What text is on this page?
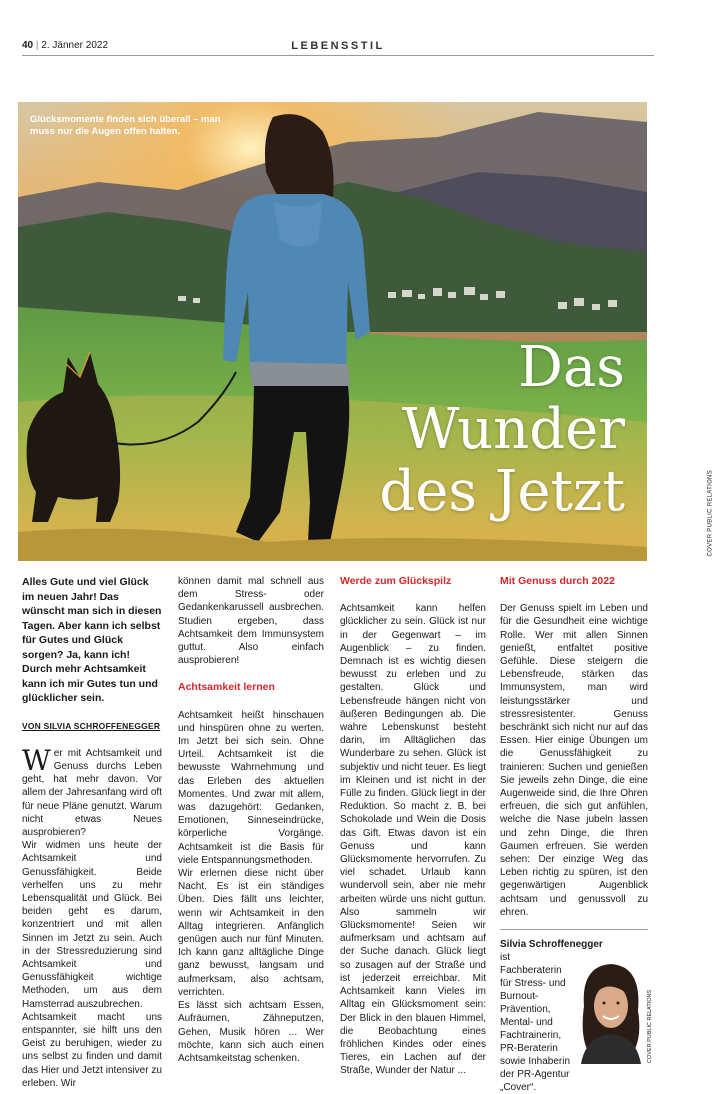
40 | 2. Jänner 2022	LEBENSSTIL
Glücksmomente finden sich überall – man muss nur die Augen offen halten.
Das
Wunder
des Jetzt	COVER PUBLIC RELATIONS

Alles Gute und viel Glück im neuen Jahr! Das wünscht man sich in diesen Tagen. Aber kann ich selbst für Gutes und Glück sorgen? Ja, kann ich! Durch mehr Achtsamkeit kann ich mir Gutes tun und glücklicher sein.

VON SILVIA SCHROFFENEGGER

Wer mit Achtsamkeit und Genuss durchs Leben geht, hat mehr davon. Vor allem der Jahresanfang wird oft für neue Pläne genutzt. Warum nicht etwas Neues ausprobieren?

Wir widmen uns heute der Achtsamkeit und Genussfähigkeit. Beide verhelfen uns zu mehr Lebensqualität und Glück. Bei beiden geht es darum, konzentriert und mit allen Sinnen im Jetzt zu sein. Auch in der Stressreduzierung sind Achtsamkeit und Genussfähigkeit wichtige Methoden, um aus dem Hamsterrad auszubrechen.

Achtsamkeit macht uns entspannter, sie hilft uns den Geist zu beruhigen, wieder zu uns selbst zu finden und damit das Hier und Jetzt intensiver zu erleben. Wir

können damit mal schnell aus dem Stress- oder Gedankenkarussell ausbrechen. Studien ergeben, dass Achtsamkeit dem Immunsystem guttut. Also einfach ausprobieren!

Achtsamkeit lernen

Achtsamkeit heißt hinschauen und hinspüren ohne zu werten. Im Jetzt bei sich sein. Ohne Urteil. Achtsamkeit ist die bewusste Wahrnehmung und das Erleben des aktuellen Momentes. Und zwar mit allem, was dazugehört: Gedanken, Emotionen, Sinneseindrücke, körperliche Vorgänge. Achtsamkeit ist die Basis für viele Entspannungsmethoden.

Wir erlernen diese nicht über Nacht. Es ist ein ständiges Üben. Dies fällt uns leichter, wenn wir Achtsamkeit in den Alltag integrieren. Anfänglich genügen auch nur fünf Minuten. Ich kann ganz alltägliche Dinge ganz bewusst, langsam und aufmerksam, also achtsam, verrichten.

Es lässt sich achtsam Essen, Aufräumen, Zähneputzen, Gehen, Musik hören ... Wer möchte, kann sich auch einen Achtsamkeitstag schenken.

Werde zum Glückspilz

Achtsamkeit kann helfen glücklicher zu sein. Glück ist nur in der Gegenwart – im Augenblick – zu finden. Demnach ist es wichtig diesen bewusst zu erleben und zu gestalten. Glück und Lebensfreude hängen nicht von äußeren Bedingungen ab. Die wahre Lebenskunst besteht darin, im Alltäglichen das Wunderbare zu sehen. Glück ist subjektiv und nicht teuer. Es liegt im Kleinen und ist nicht in der Fülle zu finden. Glück liegt in der Reduktion. So macht z. B. bei Schokolade und Wein die Dosis das Gift. Etwas davon ist ein Genuss und kann Glücksmomente hervorrufen. Zu viel schadet. Urlaub kann wundervoll sein, aber nie mehr arbeiten würde uns nicht guttun. Also sammeln wir Glücksmomente! Seien wir aufmerksam und achtsam auf der Suche danach. Glück liegt so zusagen auf der Straße und ist jederzeit erreichbar. Mit Achtsamkeit kann Vieles im Alltag ein Glücksmoment sein: Der Blick in den blauen Himmel, die Beobachtung eines fröhlichen Kindes oder eines Tieres, ein Lachen auf der Straße, Wunder der Natur ...

Mit Genuss durch 2022

Der Genuss spielt im Leben und für die Gesundheit eine wichtige Rolle. Wer mit allen Sinnen genießt, entfaltet positive Gefühle. Diese steigern die Lebensfreude, stärken das Immunsystem, man wird leistungsstärker und stressresistenter. Genuss beschränkt sich nicht nur auf das Essen. Hier einige Übungen um die Genussfähigkeit zu trainieren: Suchen und genießen Sie jeweils zehn Dinge, die eine Augenweide sind, die Ihre Ohren erfreuen, die sich gut anfühlen, welche die Nase jubeln lassen und zehn Dinge, die Ihren Gaumen erfreuen. Sie werden sehen: Der einzige Weg das Leben richtig zu spüren, ist den gegenwärtigen Augenblick achtsam und genussvoll zu ehren.

Silvia Schroffenegger
ist Fachberaterin für Stress- und Burnout-Prävention, Mental- und Fachtrainerin, PR-Beraterin sowie Inhaberin der PR-Agentur „Cover“.
COVER PUBLIC RELATIONS
